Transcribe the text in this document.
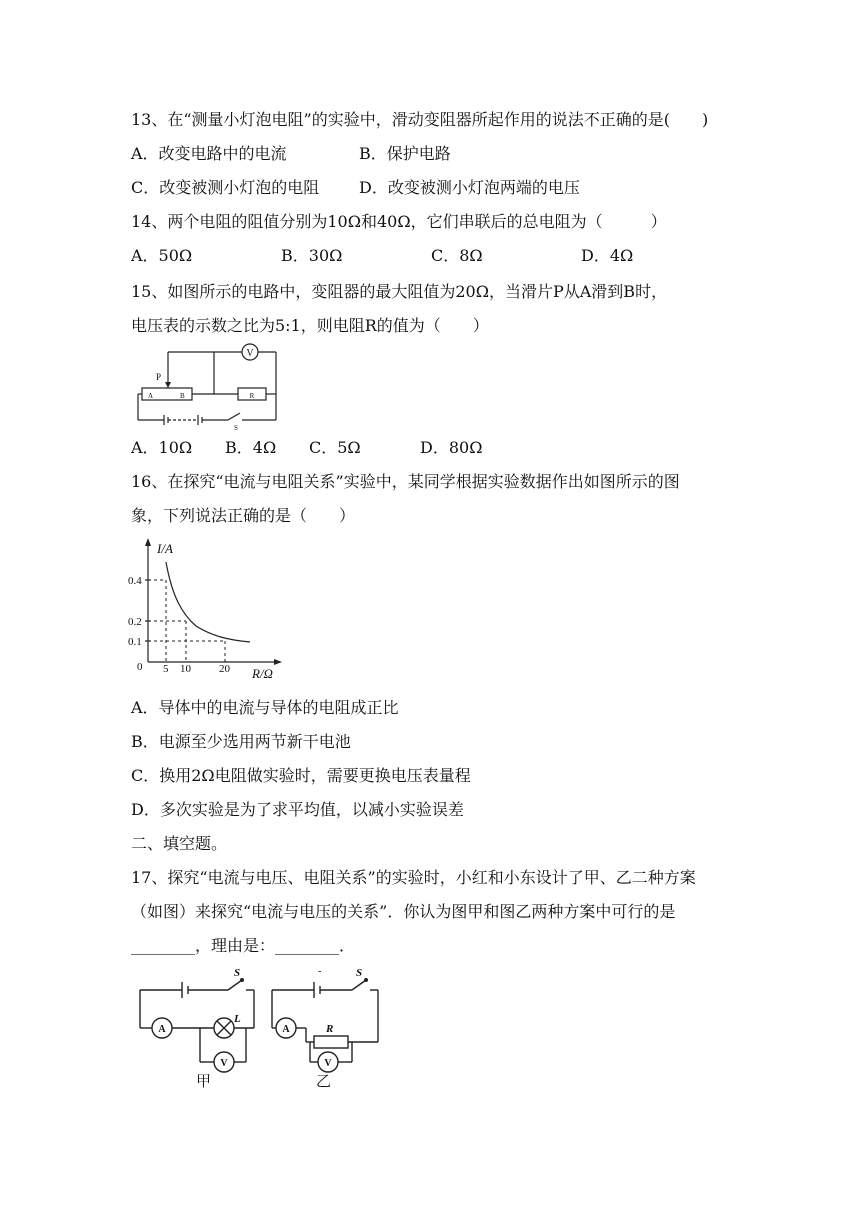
13、在“测量小灯泡电阻”的实验中，滑动变阻器所起作用的说法不正确的是(　　)
A．改变电路中的电流	B．保护电路
C．改变被测小灯泡的电阻 D．改变被测小灯泡两端的电压
14、两个电阻的阻值分别为10Ω和40Ω，它们串联后的总电阻为（　　　）
A．50Ω	B．30Ω	C．8Ω	D．4Ω
15、如图所示的电路中，变阻器的最大阻值为20Ω，当滑片P从A滑到B时，
电压表的示数之比为5:1，则电阻R的值为（　　）
V
P
A	B	R
S
A．10Ω B．4Ω C．5Ω	D．80Ω
16、在探究“电流与电阻关系”实验中，某同学根据实验数据作出如图所示的图
象，下列说法正确的是（　　）
I/A
0.4
0.2
0.1
0 5 10	20 R/Ω
A．导体中的电流与导体的电阻成正比
B．电源至少选用两节新干电池
C．换用2Ω电阻做实验时，需要更换电压表量程
D．多次实验是为了求平均值，以减小实验误差
二、填空题。
17、探究“电流与电压、电阻关系”的实验时，小红和小东设计了甲、乙二种方案
（如图）来探究“电流与电压的关系”．你认为图甲和图乙两种方案中可行的是
________，理由是：________．
S
A
L
V
甲
-	S
A	R
V
乙
